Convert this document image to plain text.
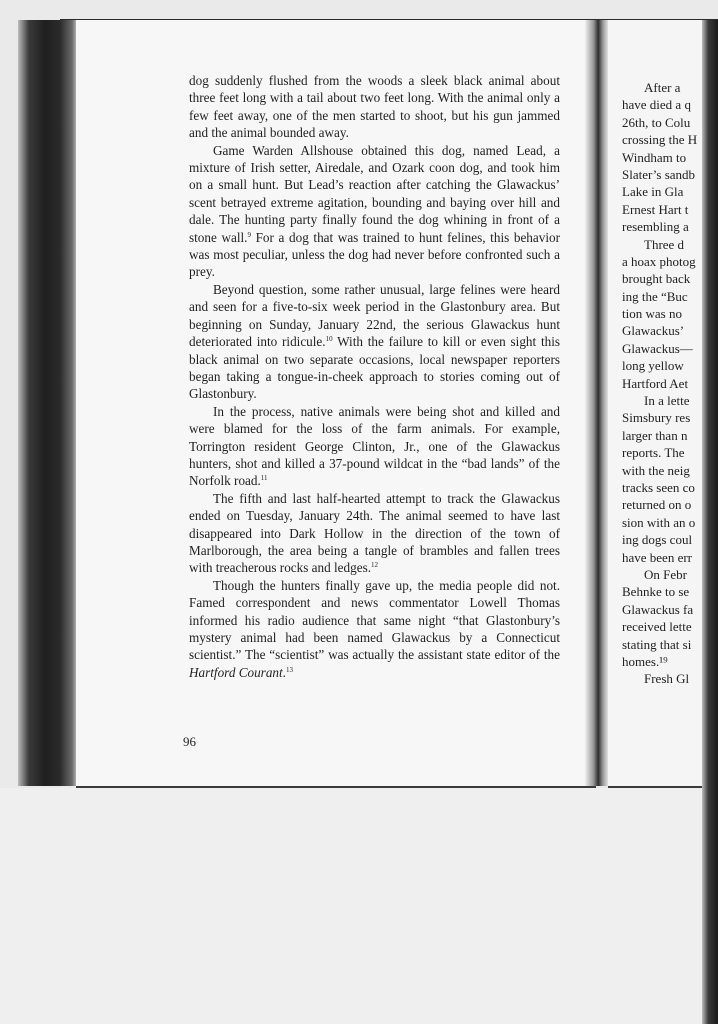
dog suddenly flushed from the woods a sleek black animal about three feet long with a tail about two feet long. With the animal only a few feet away, one of the men started to shoot, but his gun jammed and the animal bounded away.

Game Warden Allshouse obtained this dog, named Lead, a mixture of Irish setter, Airedale, and Ozark coon dog, and took him on a small hunt. But Lead’s reaction after catching the Glawackus’ scent betrayed extreme agitation, bounding and baying over hill and dale. The hunting party finally found the dog whining in front of a stone wall.$^9$ For a dog that was trained to hunt felines, this behavior was most peculiar, unless the dog had never before confronted such a prey.

Beyond question, some rather unusual, large felines were heard and seen for a five-to-six week period in the Glastonbury area. But beginning on Sunday, January 22nd, the serious Glawackus hunt deteriorated into ridicule.$^{10}$ With the failure to kill or even sight this black animal on two separate occasions, local newspaper reporters began taking a tongue-in-cheek approach to stories coming out of Glastonbury.

In the process, native animals were being shot and killed and were blamed for the loss of the farm animals. For example, Torrington resident George Clinton, Jr., one of the Glawackus hunters, shot and killed a 37-pound wildcat in the “bad lands” of the Norfolk road.$^{11}$

The fifth and last half-hearted attempt to track the Glawackus ended on Tuesday, January 24th. The animal seemed to have last disappeared into Dark Hollow in the direction of the town of Marlborough, the area being a tangle of brambles and fallen trees with treacherous rocks and ledges.$^{12}$

Though the hunters finally gave up, the media people did not. Famed correspondent and news commentator Lowell Thomas informed his radio audience that same night “that Glastonbury’s mystery animal had been named Glawackus by a Connecticut scientist.” The “scientist” was actually the assistant state editor of the Hartford Courant.$^{13}$

96
After a
have died a q
26th, to Colu
crossing the H
Windham to
Slater’s sandb
Lake in Gla
Ernest Hart t
resembling a
Three d
a hoax photog
brought back
ing the “Buc
tion was no
Glawackus’
Glawackus—
long yellow
Hartford Aet
In a lette
Simsbury res
larger than n
reports. The
with the neig
tracks seen co
returned on o
sion with an o
ing dogs coul
have been err
On Febr
Behnke to se
Glawackus fa
received lette
stating that si
homes.¹⁹
Fresh Gl
